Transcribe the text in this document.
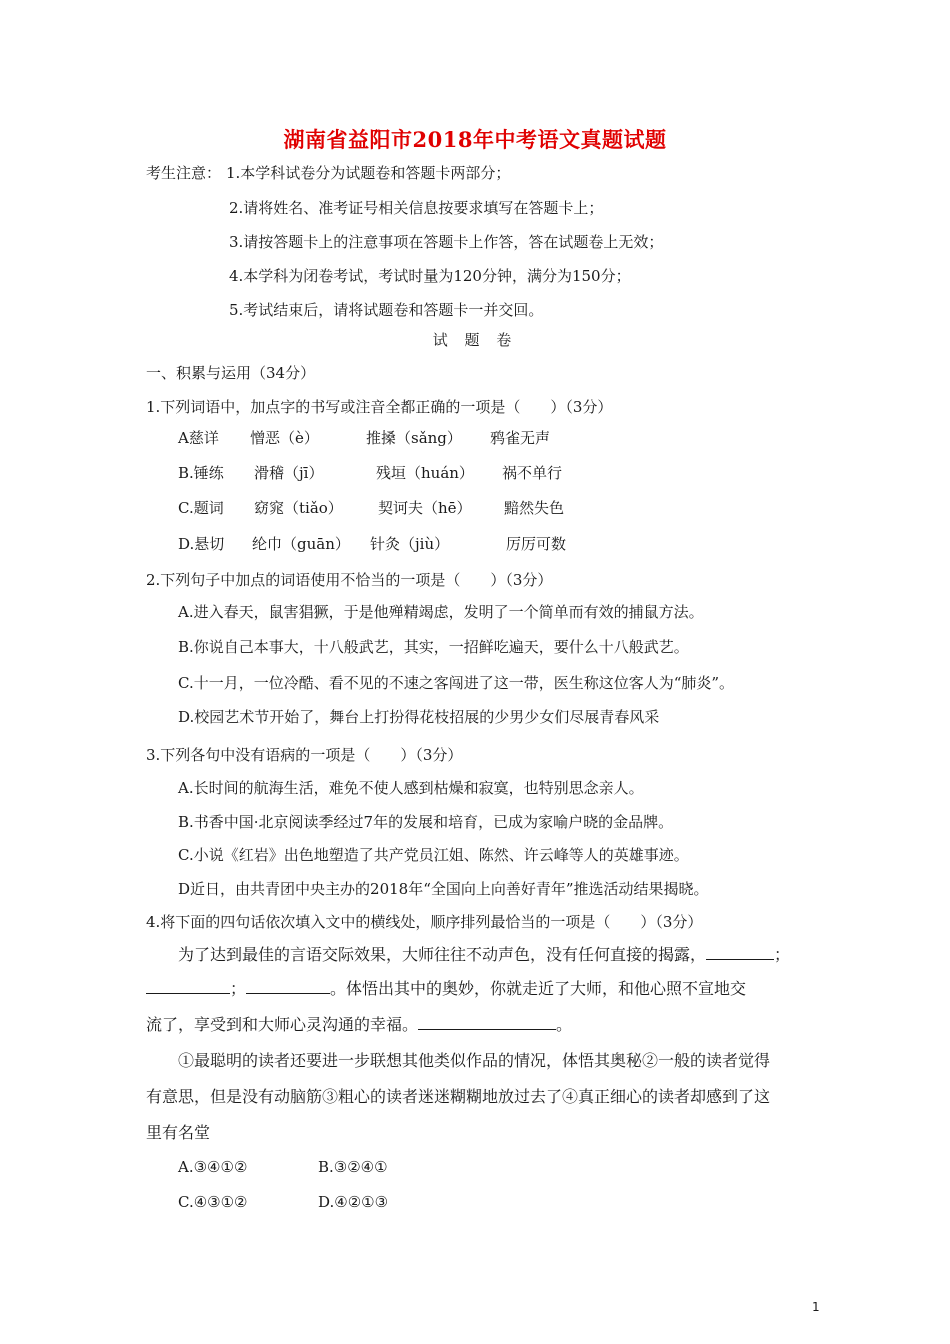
湖南省益阳市2018年中考语文真题试题
考生注意： 1.本学科试卷分为试题卷和答题卡两部分；
2.请将姓名、准考证号相关信息按要求填写在答题卡上；
3.请按答题卡上的注意事项在答题卡上作答，答在试题卷上无效；
4.本学科为闭卷考试，考试时量为120分钟，满分为150分；
5.考试结束后，请将试题卷和答题卡一并交回。
试 题 卷
一、积累与运用（34分）
1.下列词语中，加点字的书写或注音全都正确的一项是（　　）（3分）
A慈详 憎恶（è）	推搡（sǎng） 鸦雀无声
B.锤练 滑稽（jī）	残垣（huán） 祸不单行
C.题词 窈窕（tiǎo） 契诃夫（hē） 黯然失色
D.悬切 纶巾（guān） 针灸（jiù）	厉厉可数
2.下列句子中加点的词语使用不恰当的一项是（　　）（3分）
A.进入春天，鼠害猖獗，于是他殚精竭虑，发明了一个简单而有效的捕鼠方法。
B.你说自己本事大，十八般武艺，其实，一招鲜吃遍天，要什么十八般武艺。
C.十一月，一位冷酷、看不见的不速之客闯进了这一带，医生称这位客人为“肺炎”。
D.校园艺术节开始了，舞台上打扮得花枝招展的少男少女们尽展青春风采
3.下列各句中没有语病的一项是（　　）（3分）
A.长时间的航海生活，难免不使人感到枯燥和寂寞，也特别思念亲人。
B.书香中国·北京阅读季经过7年的发展和培育，已成为家喻户晓的金品牌。
C.小说《红岩》出色地塑造了共产党员江姐、陈然、许云峰等人的英雄事迹。
D近日，由共青团中央主办的2018年“全国向上向善好青年”推选活动结果揭晓。
4.将下面的四句话依次填入文中的横线处，顺序排列最恰当的一项是（　　）（3分）
为了达到最佳的言语交际效果，大师往往不动声色，没有任何直接的揭露，	；
；	。体悟出其中的奥妙，你就走近了大师，和他心照不宣地交
流了，享受到和大师心灵沟通的幸福。	。
①最聪明的读者还要进一步联想其他类似作品的情况，体悟其奥秘②一般的读者觉得
有意思，但是没有动脑筋③粗心的读者迷迷糊糊地放过去了④真正细心的读者却感到了这
里有名堂
A.③④①②	B.③②④①
C.④③①②	D.④②①③
1
